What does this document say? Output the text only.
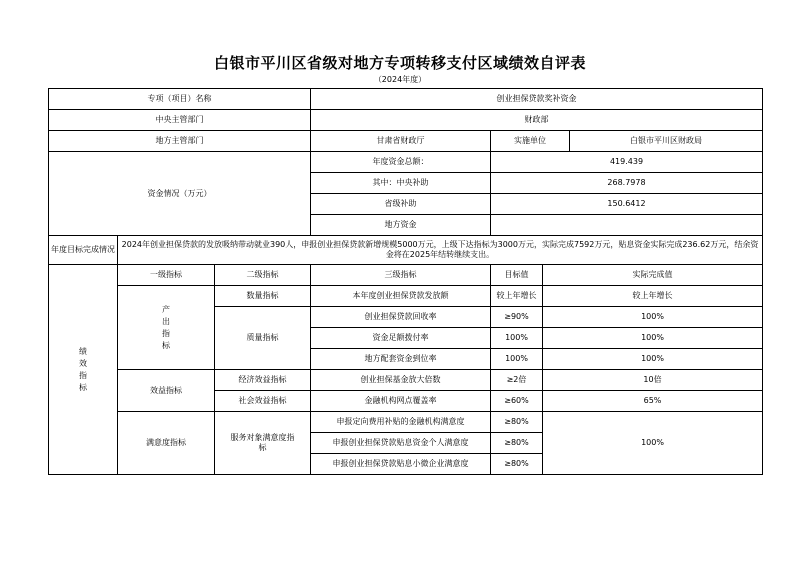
白银市平川区省级对地方专项转移支付区域绩效自评表
（2024年度）
专项（项目）名称			创业担保贷款奖补资金			
中央主管部门			财政部			
地方主管部门			甘肃省财政厅	实施单位		白银市平川区财政局
资金情况（万元）			年度资金总额：	419.439		
			其中：中央补助	268.7978		
			省级补助	150.6412		
			地方资金			
年度目标完成情况	2024年创业担保贷款的发放吸纳带动就业390人，申报创业担保贷款新增规模5000万元，上级下达指标为3000万元，实际完成7592万元，贴息资金实际完成236.62万元，结余资金将在2025年结转继续支出。					
绩效指标	一级指标	二级指标	三级指标	目标值	实际完成值	
	产出指标	数量指标	本年度创业担保贷款发放额	较上年增长	较上年增长	
		质量指标	创业担保贷款回收率	≥90%	100%	
			资金足额拨付率	100%	100%	
			地方配套资金到位率	100%	100%	
	效益指标	经济效益指标	创业担保基金放大倍数	≥2倍	10倍	
		社会效益指标	金融机构网点覆盖率	≥60%	65%	
	满意度指标	服务对象满意度指标	申报定向费用补贴的金融机构满意度	≥80%	100%	
			申报创业担保贷款贴息资金个人满意度	≥80%		
			申报创业担保贷款贴息小微企业满意度	≥80%		
